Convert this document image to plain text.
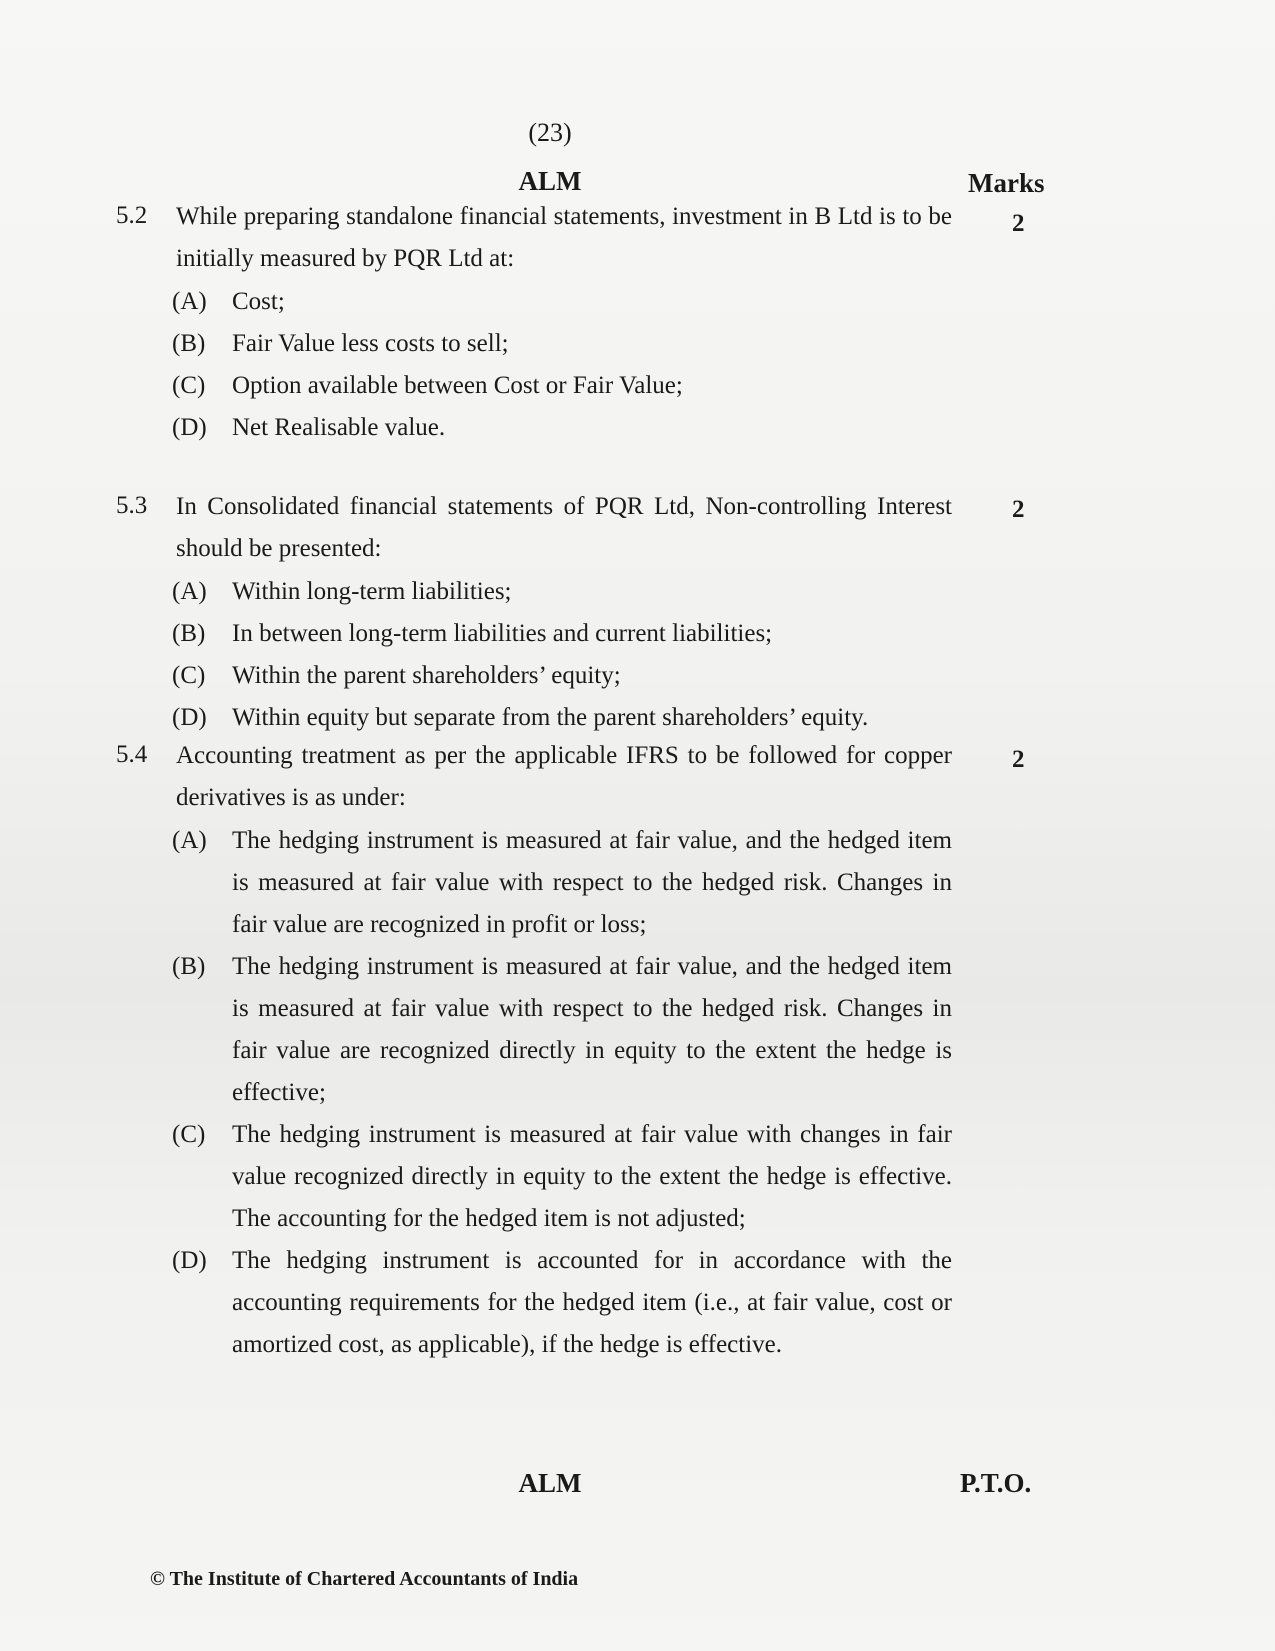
(23)
ALM	Marks
5.2 While preparing standalone financial statements, investment in B Ltd is to be initially measured by PQR Ltd at:
2
(A) Cost;
(B) Fair Value less costs to sell;
(C) Option available between Cost or Fair Value;
(D) Net Realisable value.
5.3 In Consolidated financial statements of PQR Ltd, Non-controlling Interest should be presented:
2
(A) Within long-term liabilities;
(B) In between long-term liabilities and current liabilities;
(C) Within the parent shareholders’ equity;
(D) Within equity but separate from the parent shareholders’ equity.
5.4 Accounting treatment as per the applicable IFRS to be followed for copper derivatives is as under:
2
(A) The hedging instrument is measured at fair value, and the hedged item is measured at fair value with respect to the hedged risk. Changes in fair value are recognized in profit or loss;
(B) The hedging instrument is measured at fair value, and the hedged item is measured at fair value with respect to the hedged risk. Changes in fair value are recognized directly in equity to the extent the hedge is effective;
(C) The hedging instrument is measured at fair value with changes in fair value recognized directly in equity to the extent the hedge is effective. The accounting for the hedged item is not adjusted;
(D) The hedging instrument is accounted for in accordance with the accounting requirements for the hedged item (i.e., at fair value, cost or amortized cost, as applicable), if the hedge is effective.
ALM	P.T.O.
© The Institute of Chartered Accountants of India
